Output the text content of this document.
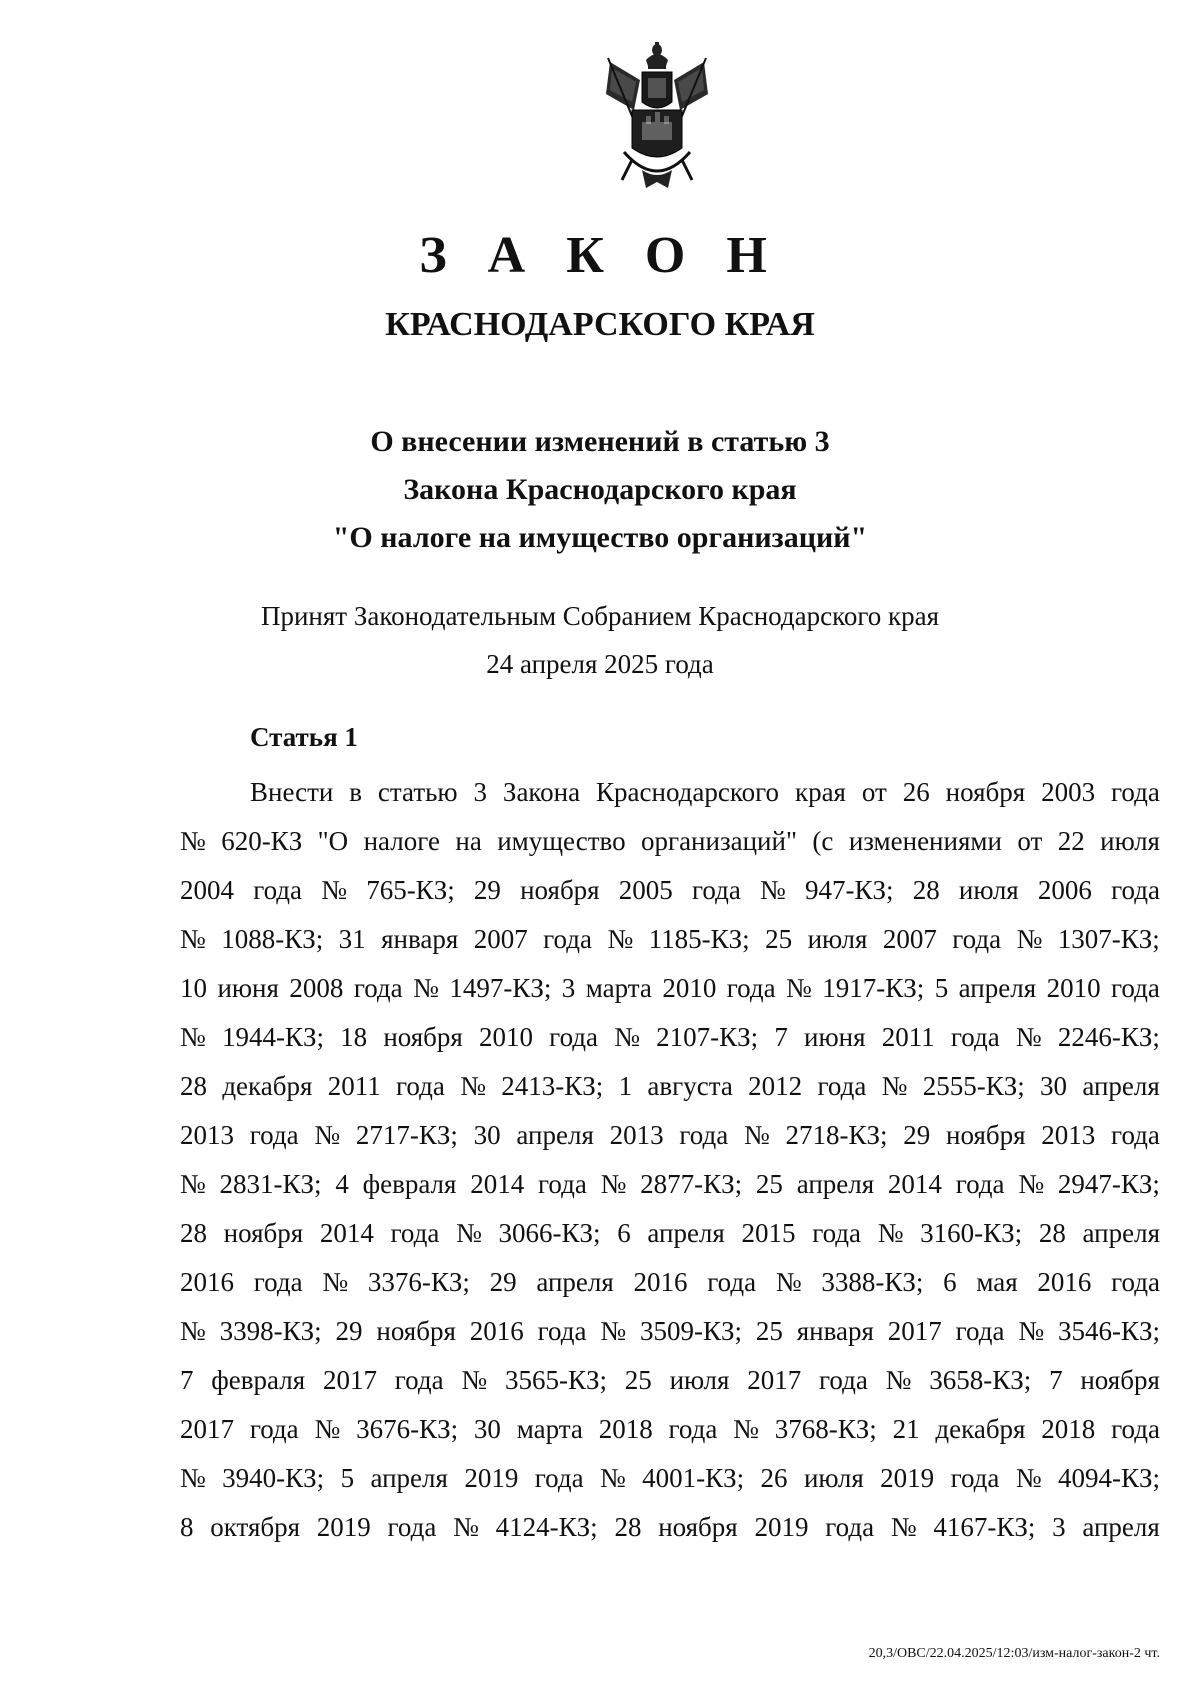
З А К О Н
КРАСНОДАРСКОГО КРАЯ
О внесении изменений в статью 3
Закона Краснодарского края
"О налоге на имущество организаций"
Принят Законодательным Собранием Краснодарского края
24 апреля 2025 года
Статья 1
Внести в статью 3 Закона Краснодарского края от 26 ноября 2003 года
№ 620-КЗ "О налоге на имущество организаций" (с изменениями от 22 июля
2004 года № 765-КЗ; 29 ноября 2005 года № 947-КЗ; 28 июля 2006 года
№ 1088-КЗ; 31 января 2007 года № 1185-КЗ; 25 июля 2007 года № 1307-КЗ;
10 июня 2008 года № 1497-КЗ; 3 марта 2010 года № 1917-КЗ; 5 апреля 2010 года
№ 1944-КЗ; 18 ноября 2010 года № 2107-КЗ; 7 июня 2011 года № 2246-КЗ;
28 декабря 2011 года № 2413-КЗ; 1 августа 2012 года № 2555-КЗ; 30 апреля
2013 года № 2717-КЗ; 30 апреля 2013 года № 2718-КЗ; 29 ноября 2013 года
№ 2831-КЗ; 4 февраля 2014 года № 2877-КЗ; 25 апреля 2014 года № 2947-КЗ;
28 ноября 2014 года № 3066-КЗ; 6 апреля 2015 года № 3160-КЗ; 28 апреля
2016 года № 3376-КЗ; 29 апреля 2016 года № 3388-КЗ; 6 мая 2016 года
№ 3398-КЗ; 29 ноября 2016 года № 3509-КЗ; 25 января 2017 года № 3546-КЗ;
7 февраля 2017 года № 3565-КЗ; 25 июля 2017 года № 3658-КЗ; 7 ноября
2017 года № 3676-КЗ; 30 марта 2018 года № 3768-КЗ; 21 декабря 2018 года
№ 3940-КЗ; 5 апреля 2019 года № 4001-КЗ; 26 июля 2019 года № 4094-КЗ;
8 октября 2019 года № 4124-КЗ; 28 ноября 2019 года № 4167-КЗ; 3 апреля
20,3/ОВС/22.04.2025/12:03/изм-налог-закон-2 чт.
